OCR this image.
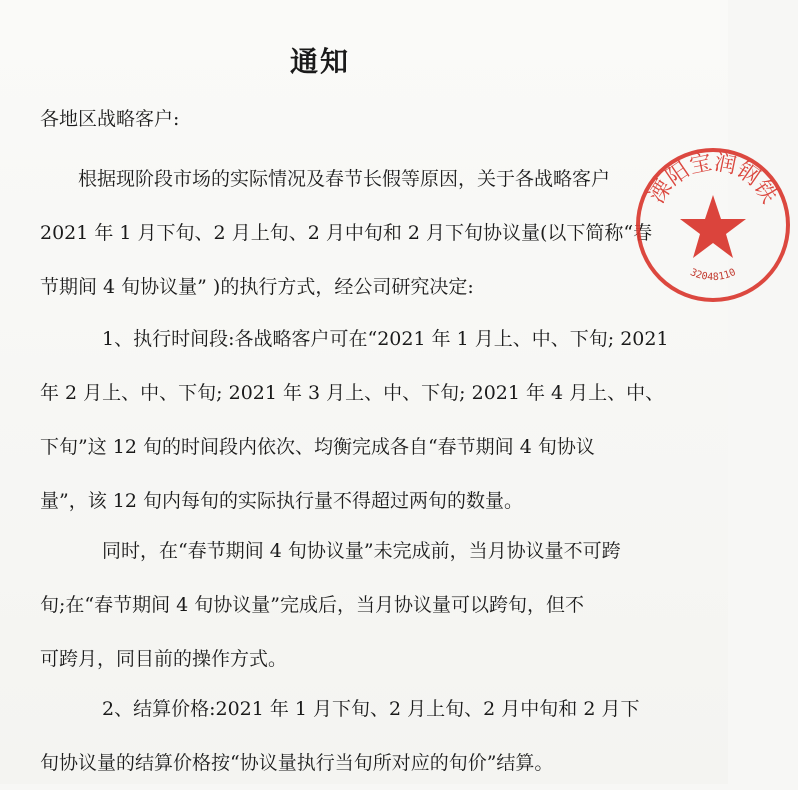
通知
各地区战略客户:
根据现阶段市场的实际情况及春节长假等原因，关于各战略客户
2021 年 1 月下旬、2 月上旬、2 月中旬和 2 月下旬协议量(以下简称“春
节期间 4 旬协议量” )的执行方式，经公司研究决定:
1、执行时间段:各战略客户可在“2021 年 1 月上、中、下旬; 2021
年 2 月上、中、下旬; 2021 年 3 月上、中、下旬; 2021 年 4 月上、中、
下旬”这 12 旬的时间段内依次、均衡完成各自“春节期间 4 旬协议
量”，该 12 旬内每旬的实际执行量不得超过两旬的数量。
同时，在“春节期间 4 旬协议量”未完成前，当月协议量不可跨
旬;在“春节期间 4 旬协议量”完成后，当月协议量可以跨旬，但不
可跨月，同目前的操作方式。
2、结算价格:2021 年 1 月下旬、2 月上旬、2 月中旬和 2 月下
旬协议量的结算价格按“协议量执行当旬所对应的旬价”结算。
溧阳宝润钢铁
32048110
